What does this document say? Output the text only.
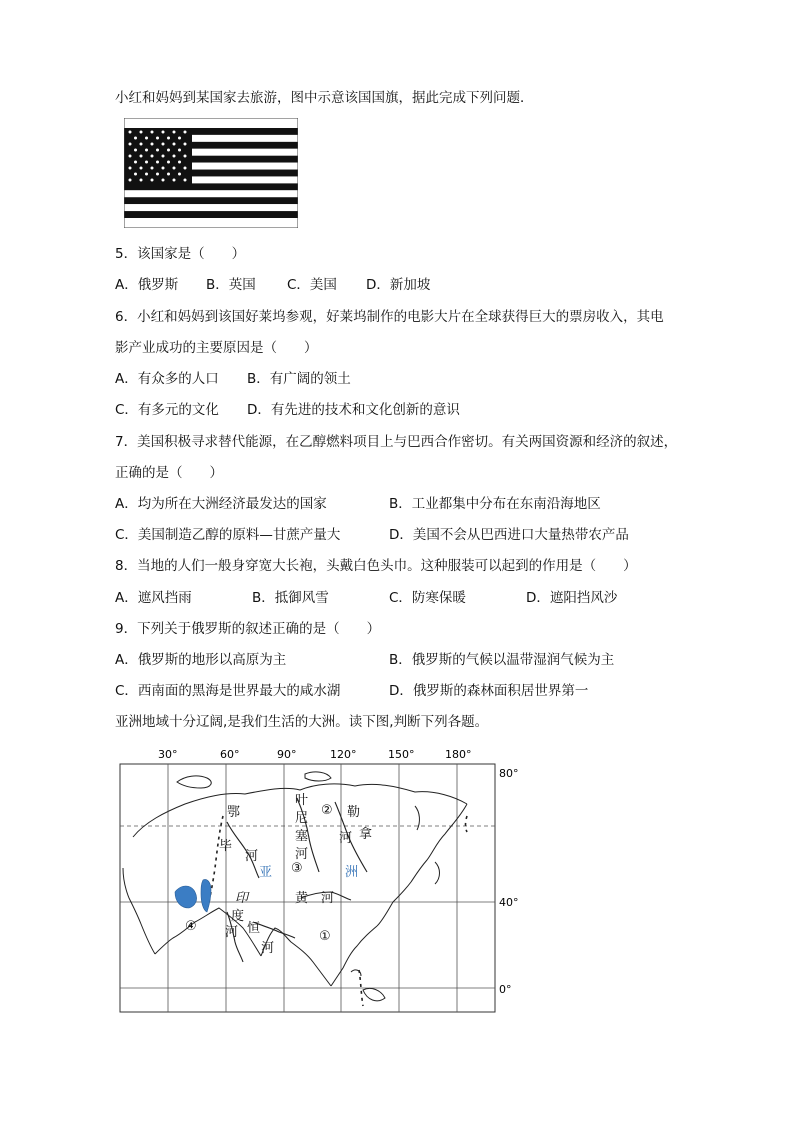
小红和妈妈到某国家去旅游，图中示意该国国旗，据此完成下列问题．
5．该国家是（　　）
A．俄罗斯 B．英国 C．美国 D．新加坡
6．小红和妈妈到该国好莱坞参观，好莱坞制作的电影大片在全球获得巨大的票房收入，其电
影产业成功的主要原因是（　　）
A．有众多的人口 B．有广阔的领土
C．有多元的文化 D．有先进的技术和文化创新的意识
7．美国积极寻求替代能源，在乙醇燃料项目上与巴西合作密切。有关两国资源和经济的叙述，
正确的是（　　）
A．均为所在大洲经济最发达的国家	B．工业都集中分布在东南沿海地区
C．美国制造乙醇的原料—甘蔗产量大	D．美国不会从巴西进口大量热带农产品
8．当地的人们一般身穿宽大长袍，头戴白色头巾。这种服装可以起到的作用是（　　）
A．遮风挡雨	B．抵御风雪	C．防寒保暖	D．遮阳挡风沙
9．下列关于俄罗斯的叙述正确的是（　　）
A．俄罗斯的地形以高原为主	B．俄罗斯的气候以温带湿润气候为主
C．西南面的黑海是世界最大的咸水湖	D．俄罗斯的森林面积居世界第一
亚洲地域十分辽阔,是我们生活的大洲。读下图,判断下列各题。
30°	60°	90°	120°	150°	180°
80°
40°
0°
鄂
毕
河
叶
尼
塞
河
勒
拿
河
黄 河
印
度
河 恒
河
①
②
③
④
亚	洲
